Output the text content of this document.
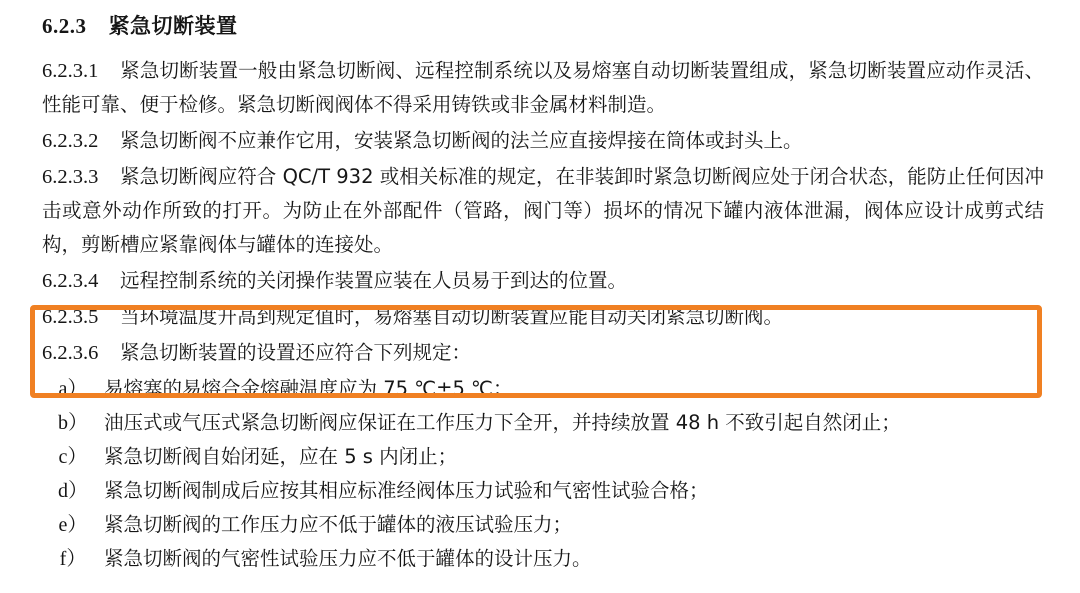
6.2.3 紧急切断装置

6.2.3.1 紧急切断装置一般由紧急切断阀、远程控制系统以及易熔塞自动切断装置组成，紧急切断装置应动作灵活、性能可靠、便于检修。紧急切断阀阀体不得采用铸铁或非金属材料制造。

6.2.3.2 紧急切断阀不应兼作它用，安装紧急切断阀的法兰应直接焊接在筒体或封头上。

6.2.3.3 紧急切断阀应符合 QC/T 932 或相关标准的规定，在非装卸时紧急切断阀应处于闭合状态，能防止任何因冲击或意外动作所致的打开。为防止在外部配件（管路，阀门等）损坏的情况下罐内液体泄漏，阀体应设计成剪式结构，剪断槽应紧靠阀体与罐体的连接处。

6.2.3.4 远程控制系统的关闭操作装置应装在人员易于到达的位置。

6.2.3.5 当环境温度升高到规定值时，易熔塞自动切断装置应能自动关闭紧急切断阀。

6.2.3.6 紧急切断装置的设置还应符合下列规定：

a） 易熔塞的易熔合金熔融温度应为 75 ℃±5 ℃；
b） 油压式或气压式紧急切断阀应保证在工作压力下全开，并持续放置 48 h 不致引起自然闭止；
c） 紧急切断阀自始闭延，应在 5 s 内闭止；
d） 紧急切断阀制成后应按其相应标准经阀体压力试验和气密性试验合格；
e） 紧急切断阀的工作压力应不低于罐体的液压试验压力；
f） 紧急切断阀的气密性试验压力应不低于罐体的设计压力。
